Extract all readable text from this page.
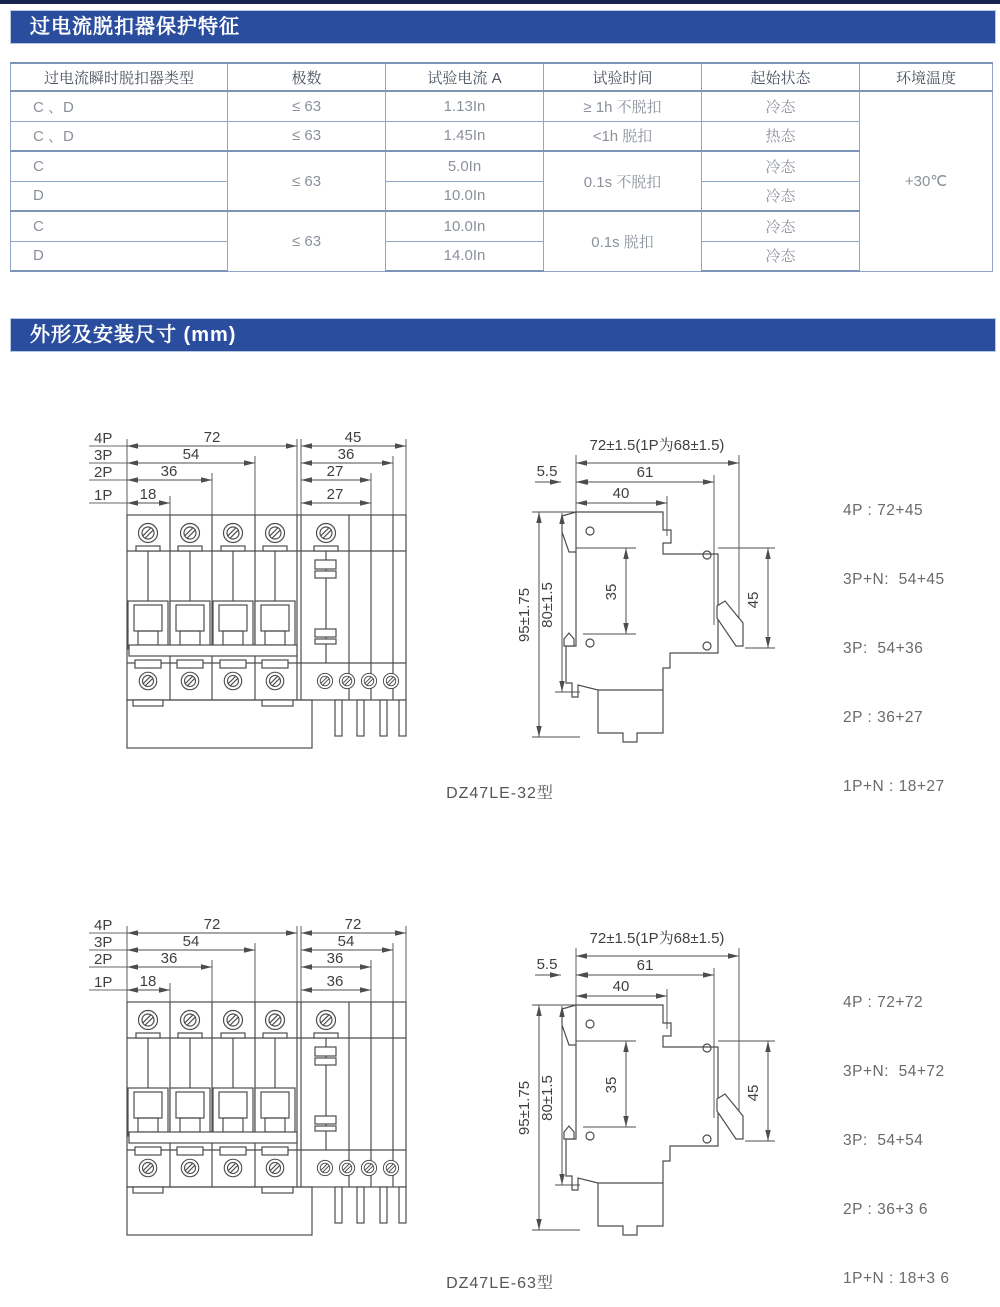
过电流脱扣器保护特征
过电流瞬时脱扣器类型	极数	试验电流 A	试验时间	起始状态	环境温度
C 、D	≤ 63	1.13In	≥ 1h 不脱扣	冷态	+30℃
C 、D	≤ 63	1.45In	<1h 脱扣	热态	
C	≤ 63	5.0In	0.1s 不脱扣	冷态	
D		10.0In		冷态	
C	≤ 63	10.0In	0.1s 脱扣	冷态	
D		14.0In		冷态	
外形及安装尺寸 (mm)
4P
3P
2P
1P
72
54
36
18
45
36
27
27
72±1.5(1P为68±1.5)
5.5	61
40
95±1.75 80±1.5	35	45

4P : 72+45

3P+N:  54+45

3P:  54+36

2P : 36+27

1P+N : 18+27

DZ47LE-32型
4P
3P
2P
1P
72
54
36
18
72
54
36
36
72±1.5(1P为68±1.5)
5.5	61
40
95±1.75 80±1.5	35	45

4P : 72+72

3P+N:  54+72

3P:  54+54

2P : 36+3 6

1P+N : 18+3 6

DZ47LE-63型
